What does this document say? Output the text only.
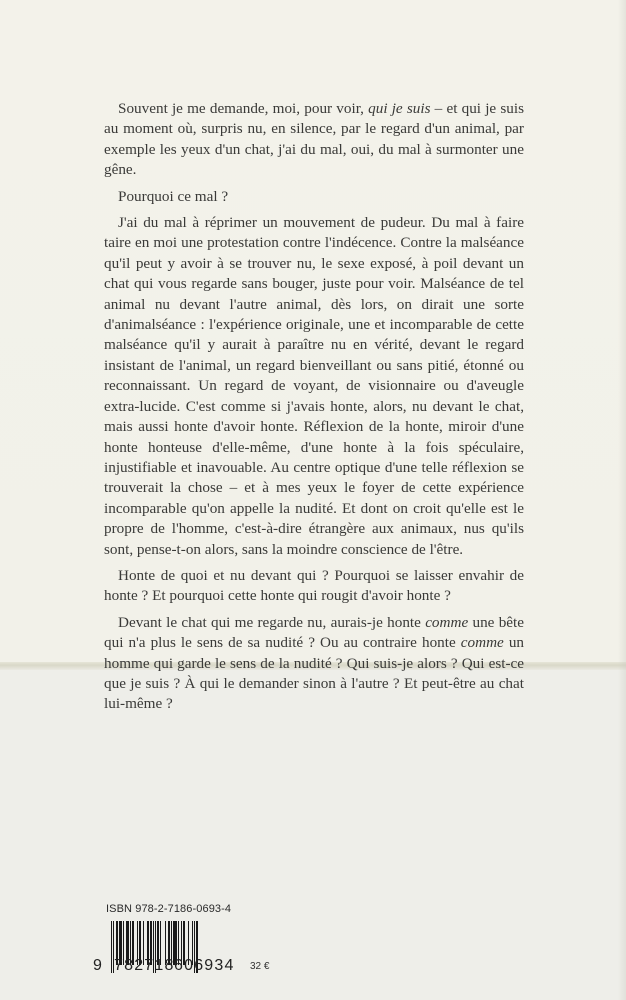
Souvent je me demande, moi, pour voir, qui je suis – et qui je suis au moment où, surpris nu, en silence, par le regard d'un animal, par exemple les yeux d'un chat, j'ai du mal, oui, du mal à surmonter une gêne.

Pourquoi ce mal ?

J'ai du mal à réprimer un mouvement de pudeur. Du mal à faire taire en moi une protestation contre l'indécence. Contre la malséance qu'il peut y avoir à se trouver nu, le sexe exposé, à poil devant un chat qui vous regarde sans bouger, juste pour voir. Malséance de tel animal nu devant l'autre animal, dès lors, on dirait une sorte d'animalséance : l'expérience originale, une et incomparable de cette malséance qu'il y aurait à paraître nu en vérité, devant le regard insistant de l'animal, un regard bienveillant ou sans pitié, étonné ou reconnaissant. Un regard de voyant, de visionnaire ou d'aveugle extra-lucide. C'est comme si j'avais honte, alors, nu devant le chat, mais aussi honte d'avoir honte. Réflexion de la honte, miroir d'une honte honteuse d'elle-même, d'une honte à la fois spéculaire, injustifiable et inavouable. Au centre optique d'une telle réflexion se trouverait la chose – et à mes yeux le foyer de cette expérience incomparable qu'on appelle la nudité. Et dont on croit qu'elle est le propre de l'homme, c'est-à-dire étrangère aux animaux, nus qu'ils sont, pense-t-on alors, sans la moindre conscience de l'être.

Honte de quoi et nu devant qui ? Pourquoi se laisser envahir de honte ? Et pourquoi cette honte qui rougit d'avoir honte ?

Devant le chat qui me regarde nu, aurais-je honte comme une bête qui n'a plus le sens de sa nudité ? Ou au contraire honte comme un homme qui garde le sens de la nudité ? Qui suis-je alors ? Qui est-ce que je suis ? À qui le demander sinon à l'autre ? Et peut-être au chat lui-même ?

ISBN 978-2-7186-0693-4
9 782718 606934 32 €
